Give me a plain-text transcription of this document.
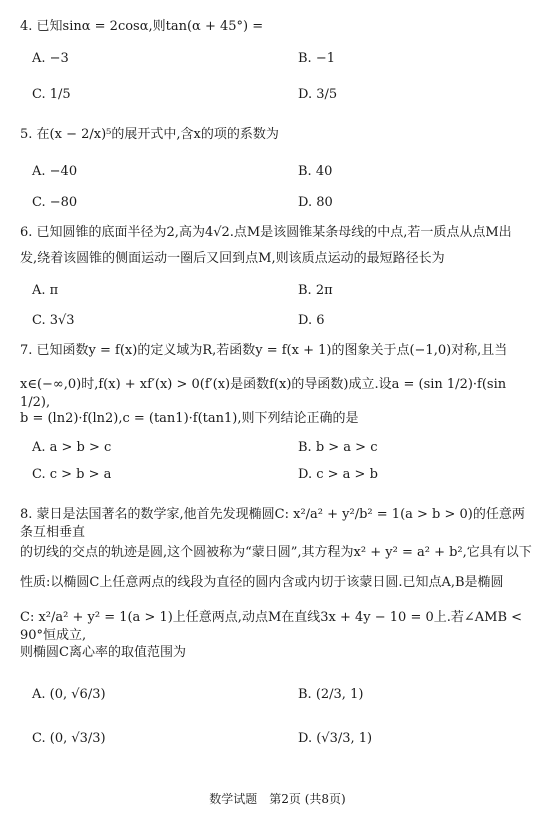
4. 已知sinα = 2cosα,则tan(α + 45°) =
A. −3	B. −1
C. 1/5	D. 3/5
5. 在(x − 2/x)⁵的展开式中,含x的项的系数为
A. −40	B. 40
C. −80	D. 80
6. 已知圆锥的底面半径为2,高为4√2.点M是该圆锥某条母线的中点,若一质点从点M出
发,绕着该圆锥的侧面运动一圈后又回到点M,则该质点运动的最短路径长为
A. π	B. 2π
C. 3√3	D. 6
7. 已知函数y = f(x)的定义域为R,若函数y = f(x + 1)的图象关于点(−1,0)对称,且当
x∈(−∞,0)时,f(x) + xf′(x) > 0(f′(x)是函数f(x)的导函数)成立.设a = (sin 1/2)·f(sin 1/2),
b = (ln2)·f(ln2),c = (tan1)·f(tan1),则下列结论正确的是
A. a > b > c	B. b > a > c
C. c > b > a	D. c > a > b
8. 蒙日是法国著名的数学家,他首先发现椭圆C: x²/a² + y²/b² = 1(a > b > 0)的任意两条互相垂直
的切线的交点的轨迹是圆,这个圆被称为“蒙日圆”,其方程为x² + y² = a² + b²,它具有以下
性质:以椭圆C上任意两点的线段为直径的圆内含或内切于该蒙日圆.已知点A,B是椭圆
C: x²/a² + y² = 1(a > 1)上任意两点,动点M在直线3x + 4y − 10 = 0上.若∠AMB < 90°恒成立,
则椭圆C离心率的取值范围为
A. (0, √6/3)	B. (2/3, 1)
C. (0, √3/3)	D. (√3/3, 1)
数学试题　第2页 (共8页)
